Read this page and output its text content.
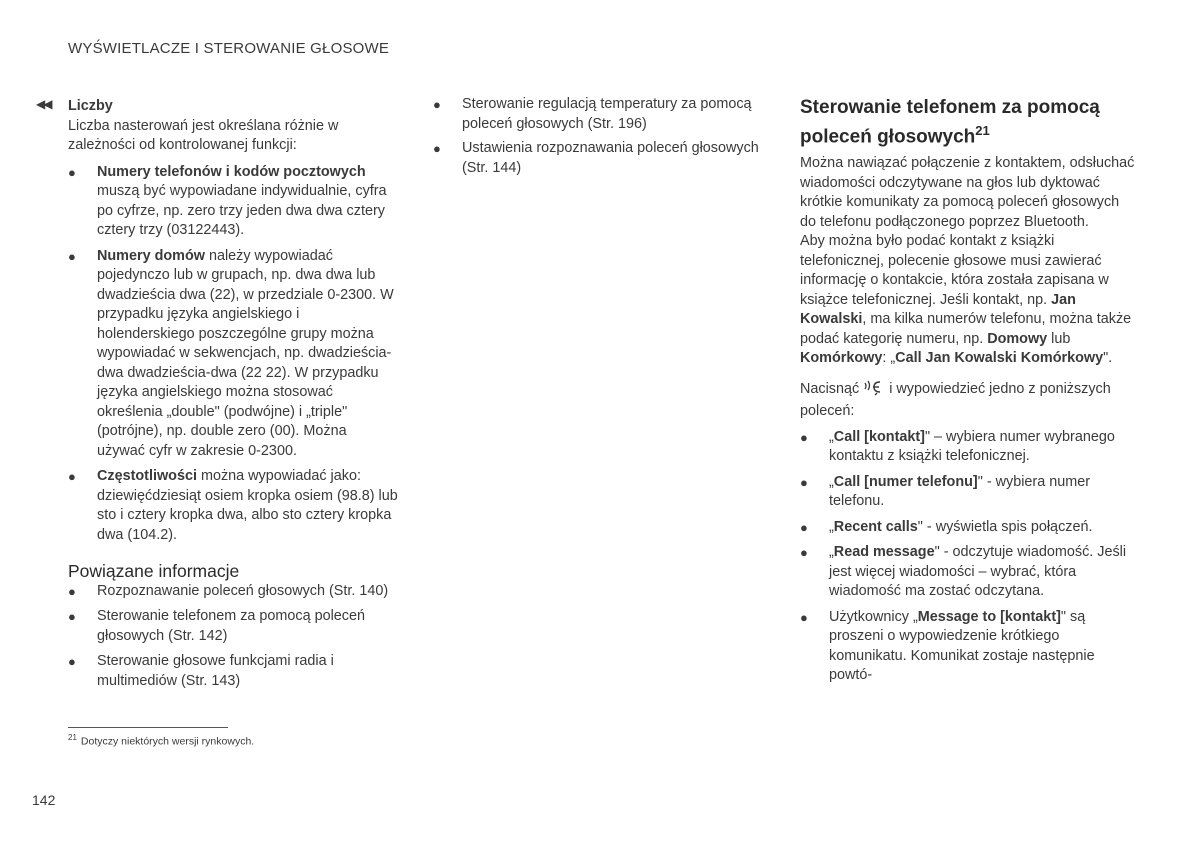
WYŚWIETLACZE I STEROWANIE GŁOSOWE
◀◀ Liczby

Liczba nasterowań jest określana różnie w zależności od kontrolowanej funkcji:

● Numery telefonów i kodów pocztowych muszą być wypowiadane indywidualnie, cyfra po cyfrze, np. zero trzy jeden dwa dwa cztery cztery trzy (03122443).
● Numery domów należy wypowiadać pojedynczo lub w grupach, np. dwa dwa lub dwadzieścia dwa (22), w przedziale 0-2300. W przypadku języka angielskiego i holenderskiego poszczególne grupy można wypowiadać w sekwencjach, np. dwadzieścia-dwa dwadzieścia-dwa (22 22). W przypadku języka angielskiego można stosować określenia „double" (podwójne) i „triple" (potrójne), np. double zero (00). Można używać cyfr w zakresie 0-2300.
● Częstotliwości można wypowiadać jako: dziewięćdziesiąt osiem kropka osiem (98.8) lub sto i cztery kropka dwa, albo sto cztery kropka dwa (104.2).
Powiązane informacje
● Rozpoznawanie poleceń głosowych (Str. 140)
● Sterowanie telefonem za pomocą poleceń głosowych (Str. 142)
● Sterowanie głosowe funkcjami radia i multimediów (Str. 143)
● Sterowanie regulacją temperatury za pomocą poleceń głosowych (Str. 196)
● Ustawienia rozpoznawania poleceń głosowych (Str. 144)
Sterowanie telefonem za pomocą poleceń głosowych$^{21}$

Można nawiązać połączenie z kontaktem, odsłuchać wiadomości odczytywane na głos lub dyktować krótkie komunikaty za pomocą poleceń głosowych do telefonu podłączonego poprzez Bluetooth.

Aby można było podać kontakt z książki telefonicznej, polecenie głosowe musi zawierać informację o kontakcie, która została zapisana w książce telefonicznej. Jeśli kontakt, np. Jan Kowalski, ma kilka numerów telefonu, można także podać kategorię numeru, np. Domowy lub Komórkowy: „Call Jan Kowalski Komórkowy".

Nacisnąć i wypowiedzieć jedno z poniższych poleceń:

● „Call [kontakt]" – wybiera numer wybranego kontaktu z książki telefonicznej.
● „Call [numer telefonu]" - wybiera numer telefonu.
● „Recent calls" - wyświetla spis połączeń.
● „Read message" - odczytuje wiadomość. Jeśli jest więcej wiadomości – wybrać, która wiadomość ma zostać odczytana.
● Użytkownicy „Message to [kontakt]" są proszeni o wypowiedzenie krótkiego komunikatu. Komunikat zostaje następnie powtó-
$^{21}$ Dotyczy niektórych wersji rynkowych.
142
